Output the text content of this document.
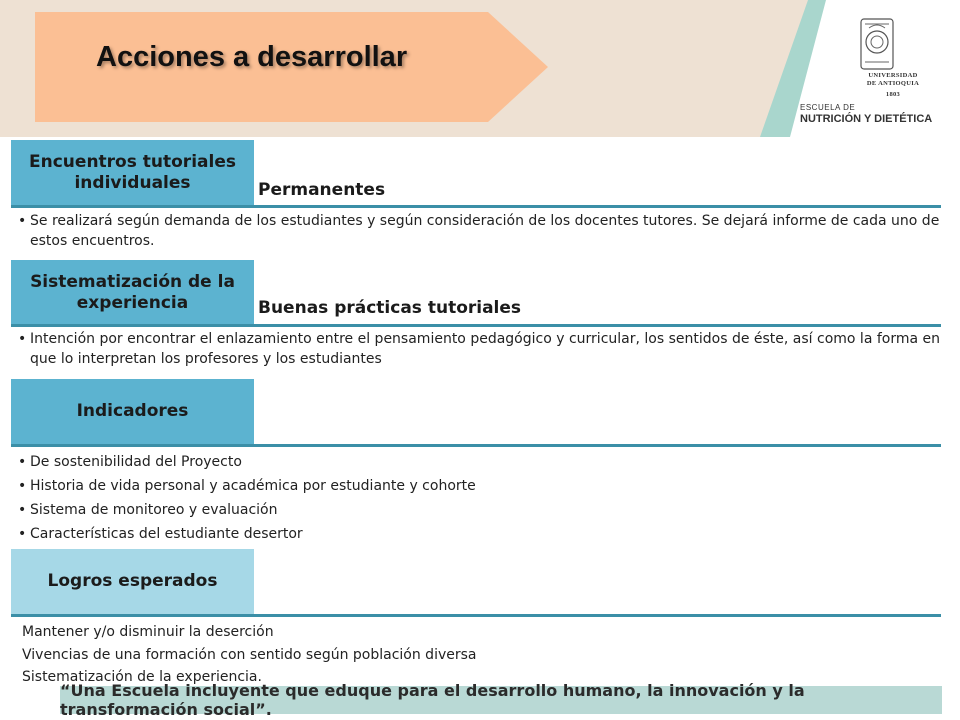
Acciones a desarrollar
UNIVERSIDAD
DE ANTIOQUIA
1803
ESCUELA DE
NUTRICIÓN Y DIETÉTICA
Encuentros tutoriales individuales	Permanentes
• Se realizará según demanda de los estudiantes y según consideración de los docentes tutores. Se dejará informe de cada uno de estos encuentros.
Sistematización de la experiencia	Buenas prácticas tutoriales
• Intención por encontrar el enlazamiento entre el pensamiento pedagógico y curricular, los sentidos de éste, así como la forma en que lo interpretan los profesores y los estudiantes
Indicadores
• De sostenibilidad del Proyecto
• Historia de vida personal y académica por estudiante y cohorte
• Sistema de monitoreo y evaluación
• Características del estudiante desertor
Logros esperados
Mantener y/o disminuir la deserción
Vivencias de una formación con sentido según población diversa
Sistematización de la experiencia.
“Una Escuela incluyente que eduque para el desarrollo humano, la innovación y la transformación social”.
